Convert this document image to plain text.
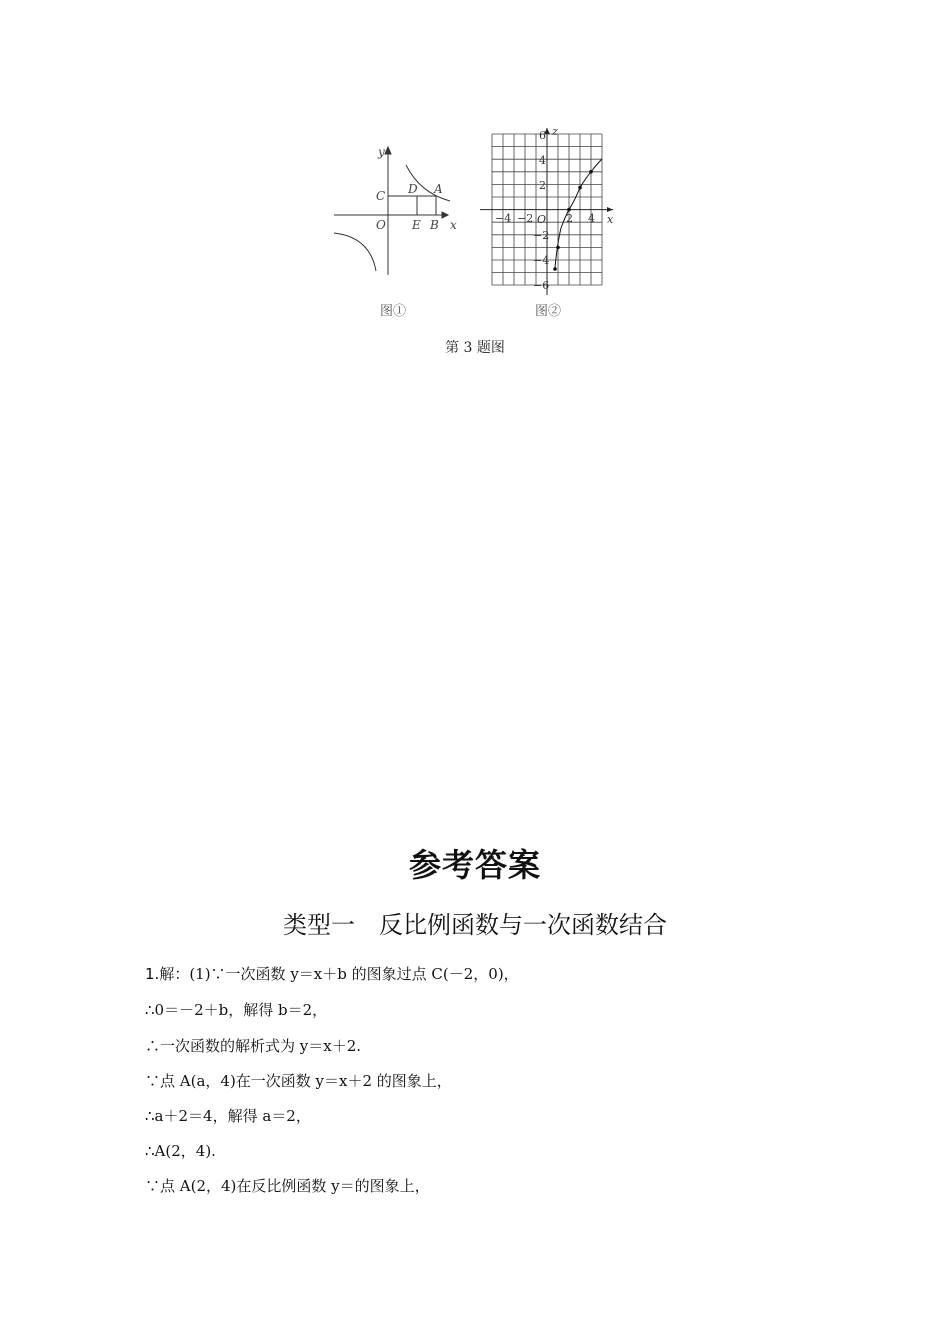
y
x
C D A
O E B
z
x
O
−4 −2	2 4
6
4
2
−2
−4
−6
图①	图②
第 3 题图
参考答案
类型一　反比例函数与一次函数结合
1.解：(1)∵一次函数 y＝x＋b 的图象过点 C(－2，0)，
∴0＝－2＋b，解得 b＝2，
∴一次函数的解析式为 y＝x＋2.
∵点 A(a，4)在一次函数 y＝x＋2 的图象上，
∴a＋2＝4，解得 a＝2，
∴A(2，4).
∵点 A(2，4)在反比例函数 y＝的图象上，
